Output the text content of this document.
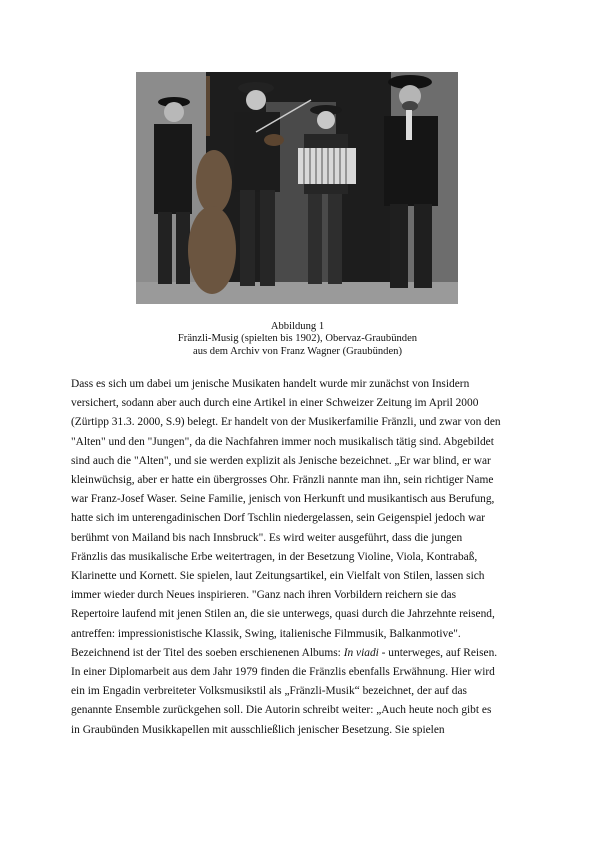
Abbildung 1
Fränzli-Musig (spielten bis 1902), Obervaz-Graubünden
aus dem Archiv von Franz Wagner (Graubünden)
Dass es sich um dabei um jenische Musikaten handelt wurde mir zunächst von Insidern
versichert, sodann aber auch durch eine Artikel in einer Schweizer Zeitung im April 2000
(Zürtipp 31.3. 2000, S.9) belegt. Er handelt von der Musikerfamilie Fränzli, und zwar von den
"Alten" und den "Jungen", da die Nachfahren immer noch musikalisch tätig sind. Abgebildet
sind auch die "Alten", und sie werden explizit als Jenische bezeichnet. „Er war blind, er war
kleinwüchsig, aber er hatte ein übergrosses Ohr. Fränzli nannte man ihn, sein richtiger Name
war Franz-Josef Waser. Seine Familie, jenisch von Herkunft und musikantisch aus Berufung,
hatte sich im unterengadinischen Dorf Tschlin niedergelassen, sein Geigenspiel jedoch war
berühmt von Mailand bis nach Innsbruck". Es wird weiter ausgeführt, dass die jungen
Fränzlis das musikalische Erbe weitertragen, in der Besetzung Violine, Viola, Kontrabaß,
Klarinette und Kornett. Sie spielen, laut Zeitungsartikel, ein Vielfalt von Stilen, lassen sich
immer wieder durch Neues inspirieren. "Ganz nach ihren Vorbildern reichern sie das
Repertoire laufend mit jenen Stilen an, die sie unterwegs, quasi durch die Jahrzehnte reisend,
antreffen: impressionistische Klassik, Swing, italienische Filmmusik, Balkanmotive".
Bezeichnend ist der Titel des soeben erschienenen Albums: In viadi - unterweges, auf Reisen.
In einer Diplomarbeit aus dem Jahr 1979 finden die Fränzlis ebenfalls Erwähnung. Hier wird
ein im Engadin verbreiteter Volksmusikstil als „Fränzli-Musik“ bezeichnet, der auf das
genannte Ensemble zurückgehen soll. Die Autorin schreibt weiter: „Auch heute noch gibt es
in Graubünden Musikkapellen mit ausschließlich jenischer Besetzung. Sie spielen
